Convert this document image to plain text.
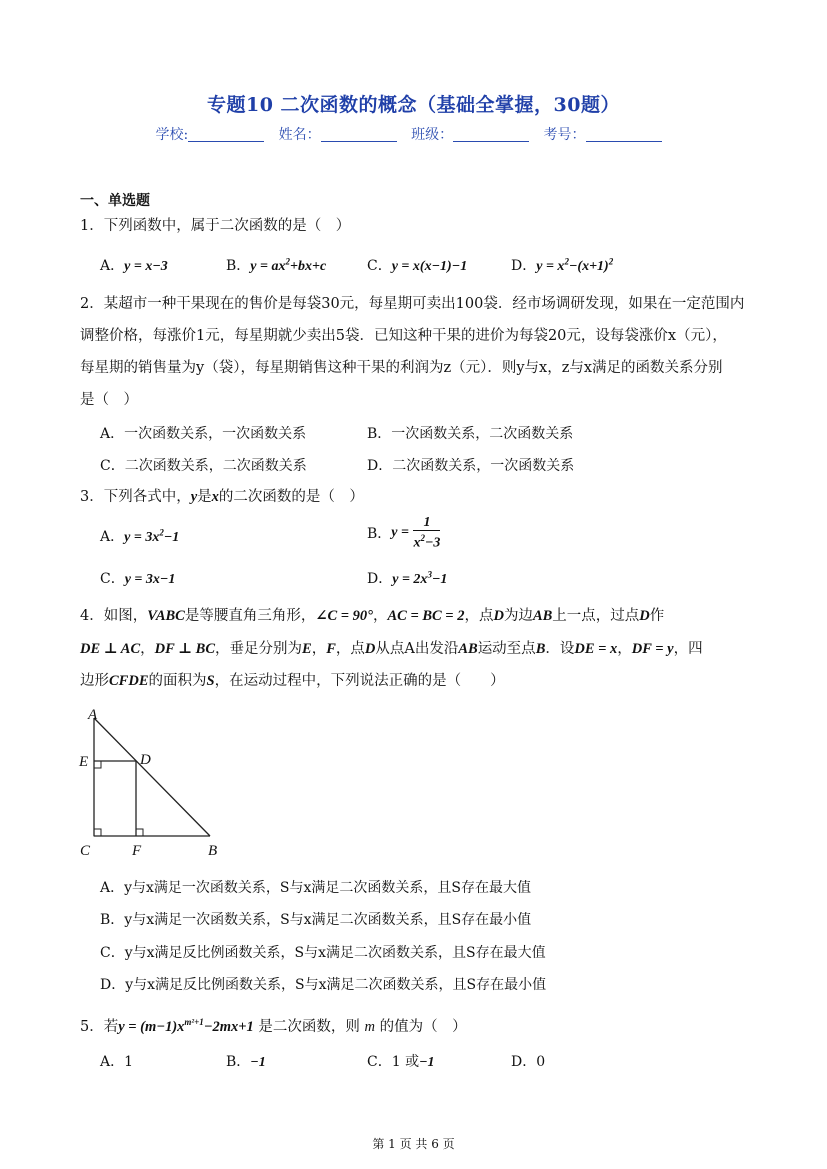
专题10 二次函数的概念（基础全掌握，30题）
学校:	姓名：	班级：	考号：
一、单选题
1．下列函数中，属于二次函数的是（　）
A．y = x−3	B．$y = ax^2+bx+c$	C．y = x(x−1)−1	D．$y = x^2-(x+1)^2$
2．某超市一种干果现在的售价是每袋30元，每星期可卖出100袋．经市场调研发现，如果在一定范围内
调整价格，每涨价1元，每星期就少卖出5袋．已知这种干果的进价为每袋20元，设每袋涨价x（元），
每星期的销售量为y（袋），每星期销售这种干果的利润为z（元）．则y与x，z与x满足的函数关系分别
是（　）
A．一次函数关系，一次函数关系	B．一次函数关系，二次函数关系
C．二次函数关系，二次函数关系	D．二次函数关系，一次函数关系
3．下列各式中，y是x的二次函数的是（　）
A．$y = 3x^2-1$	B．$y = \frac{1}{x^2-3}$
C．y = 3x−1	D．$y = 2x^3-1$
4．如图，VABC是等腰直角三角形，∠C = 90°，AC = BC = 2，点D为边AB上一点，过点D作
DE ⊥ AC，DF ⊥ BC，垂足分别为E，F，点D从点A出发沿AB运动至点B．设DE = x，DF = y，四
边形CFDE的面积为S，在运动过程中，下列说法正确的是（　　）
A
E	D
C	F	B
A．y与x满足一次函数关系，S与x满足二次函数关系，且S存在最大值
B．y与x满足一次函数关系，S与x满足二次函数关系，且S存在最小值
C．y与x满足反比例函数关系，S与x满足二次函数关系，且S存在最大值
D．y与x满足反比例函数关系，S与x满足二次函数关系，且S存在最小值
5．若$y = (m-1)x^{m^2+1}-2mx+1$ 是二次函数，则 m 的值为（　）
A．1	B．−1	C．1 或−1	D．0
第 1 页 共 6 页
